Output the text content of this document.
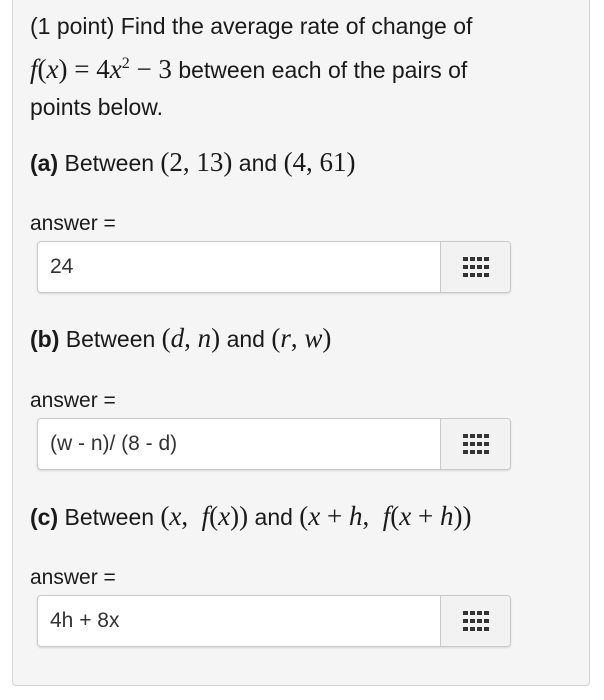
(1 point) Find the average rate of change of
$f(x) = 4x^2 - 3$ between each of the pairs of
points below.
(a) Between (2, 13) and (4, 61)
answer =
24
(b) Between (d, n) and (r, w)
answer =
(w - n)/ (8 - d)
(c) Between (x,  f(x)) and (x + h,  f(x + h))
answer =
4h + 8x
